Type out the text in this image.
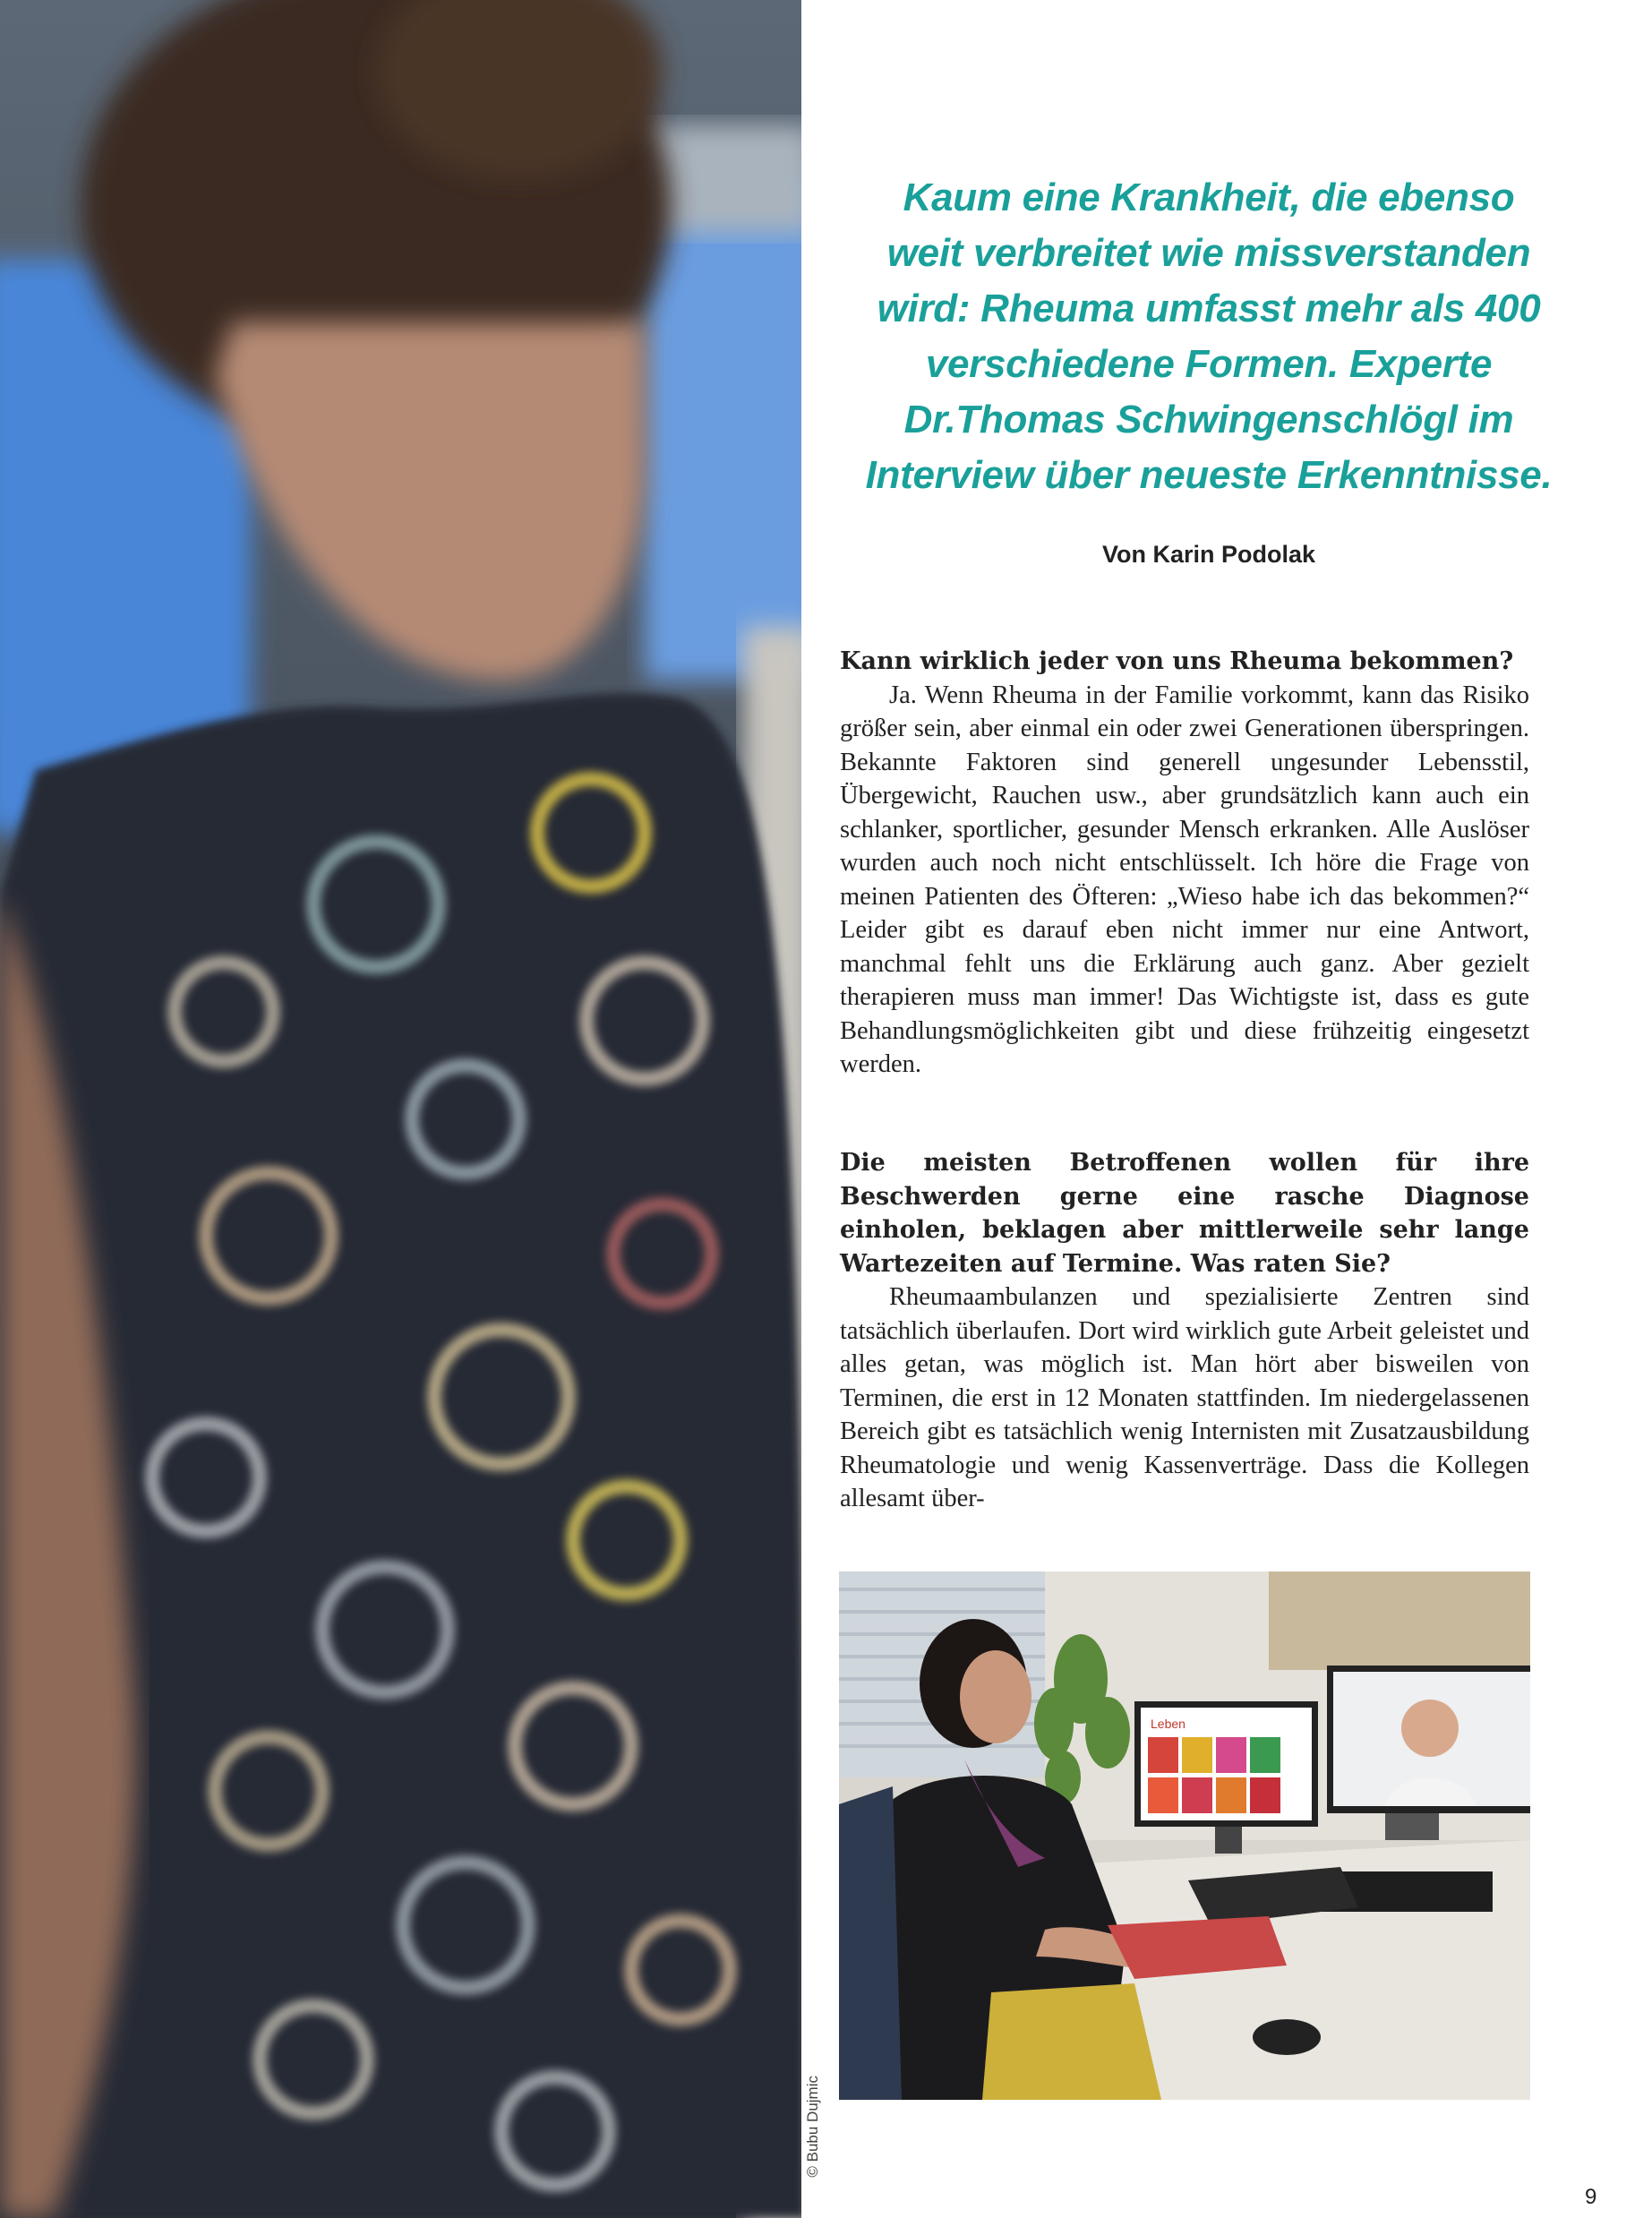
Kaum eine Krankheit, die ebenso
weit verbreitet wie missverstanden
wird: Rheuma umfasst mehr als 400
verschiedene Formen. Experte
Dr.Thomas Schwingenschlögl im
Interview über neueste Erkenntnisse.
Von Karin Podolak
Kann wirklich jeder von uns Rheuma bekommen?

Ja. Wenn Rheuma in der Familie vorkommt, kann das Risiko größer sein, aber einmal ein oder zwei Generationen überspringen. Bekannte Faktoren sind generell ungesunder Lebensstil, Übergewicht, Rauchen usw., aber grundsätzlich kann auch ein schlanker, sportlicher, gesunder Mensch erkranken. Alle Auslöser wurden auch noch nicht entschlüsselt. Ich höre die Frage von meinen Patienten des Öfteren: „Wieso habe ich das bekommen?“ Leider gibt es darauf eben nicht immer nur eine Antwort, manchmal fehlt uns die Erklärung auch ganz. Aber gezielt therapieren muss man immer! Das Wichtigste ist, dass es gute Behandlungsmöglichkeiten gibt und diese frühzeitig eingesetzt werden.

Die meisten Betroffenen wollen für ihre Beschwerden gerne eine rasche Diagnose einholen, beklagen aber mittlerweile sehr lange Wartezeiten auf Termine. Was raten Sie?

Rheumaambulanzen und spezialisierte Zentren sind tatsächlich überlaufen. Dort wird wirklich gute Arbeit geleistet und alles getan, was möglich ist. Man hört aber bisweilen von Terminen, die erst in 12 Monaten stattfinden. Im niedergelassenen Bereich gibt es tatsächlich wenig Internisten mit Zusatzausbildung Rheumatologie und wenig Kassenverträge. Dass die Kollegen allesamt über-

Leben
© Bubu Dujmic
9
